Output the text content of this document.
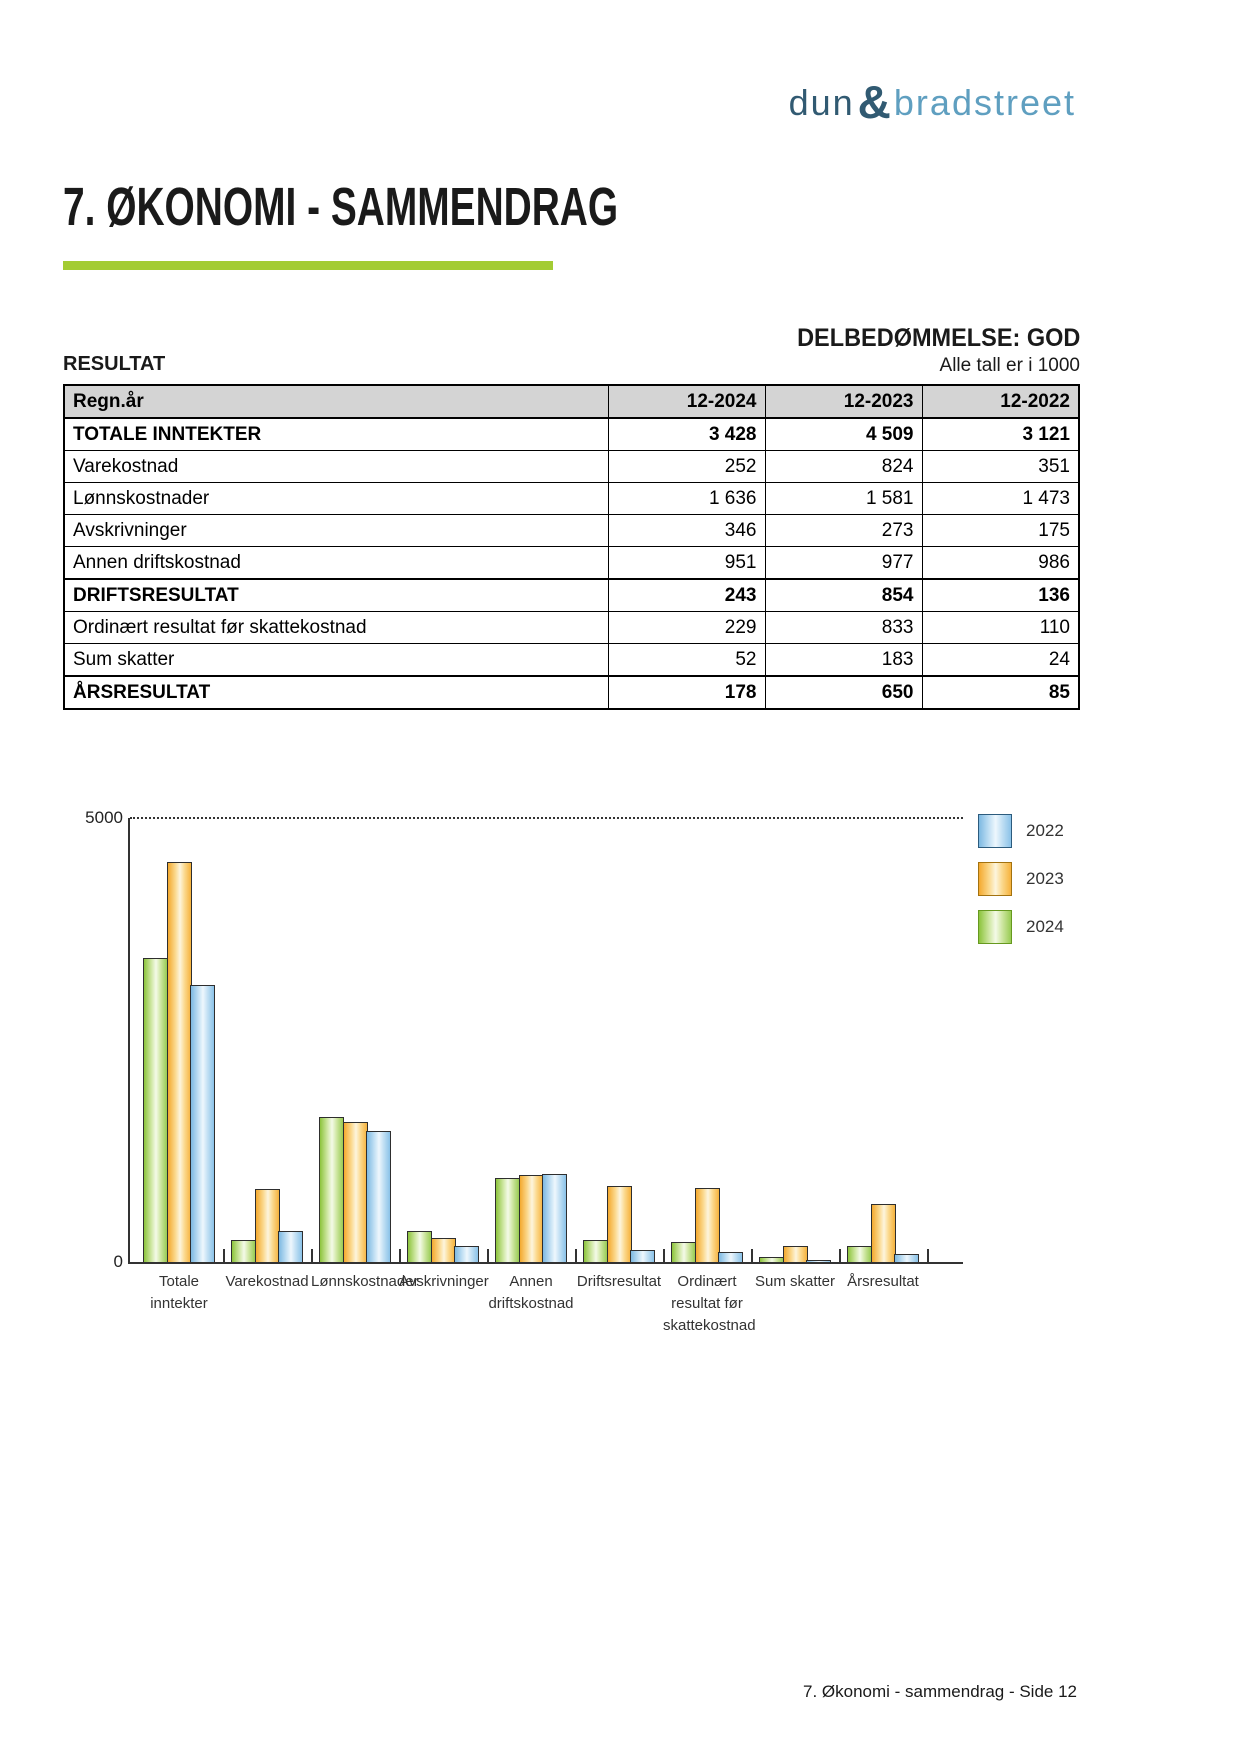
dun & bradstreet
7. ØKONOMI - SAMMENDRAG
DELBEDØMMELSE: GOD
RESULTAT	Alle tall er i 1000
Regn.år	12-2024	12-2023	12-2022
TOTALE INNTEKTER	3 428	4 509	3 121
Varekostnad	252	824	351
Lønnskostnader	1 636	1 581	1 473
Avskrivninger	346	273	175
Annen driftskostnad	951	977	986
DRIFTSRESULTAT	243	854	136
Ordinært resultat før skattekostnad	229	833	110
Sum skatter	52	183	24
ÅRSRESULTAT	178	650	85
5000
0
Totale
inntekter
Varekostnad Lønnskostnader
Avskrivninger	Annen
driftskostnad
Driftsresultat	Ordinært
resultat før
skattekostnad
Sum skatter Årsresultat
2022
2023
2024
7. Økonomi - sammendrag - Side 12
